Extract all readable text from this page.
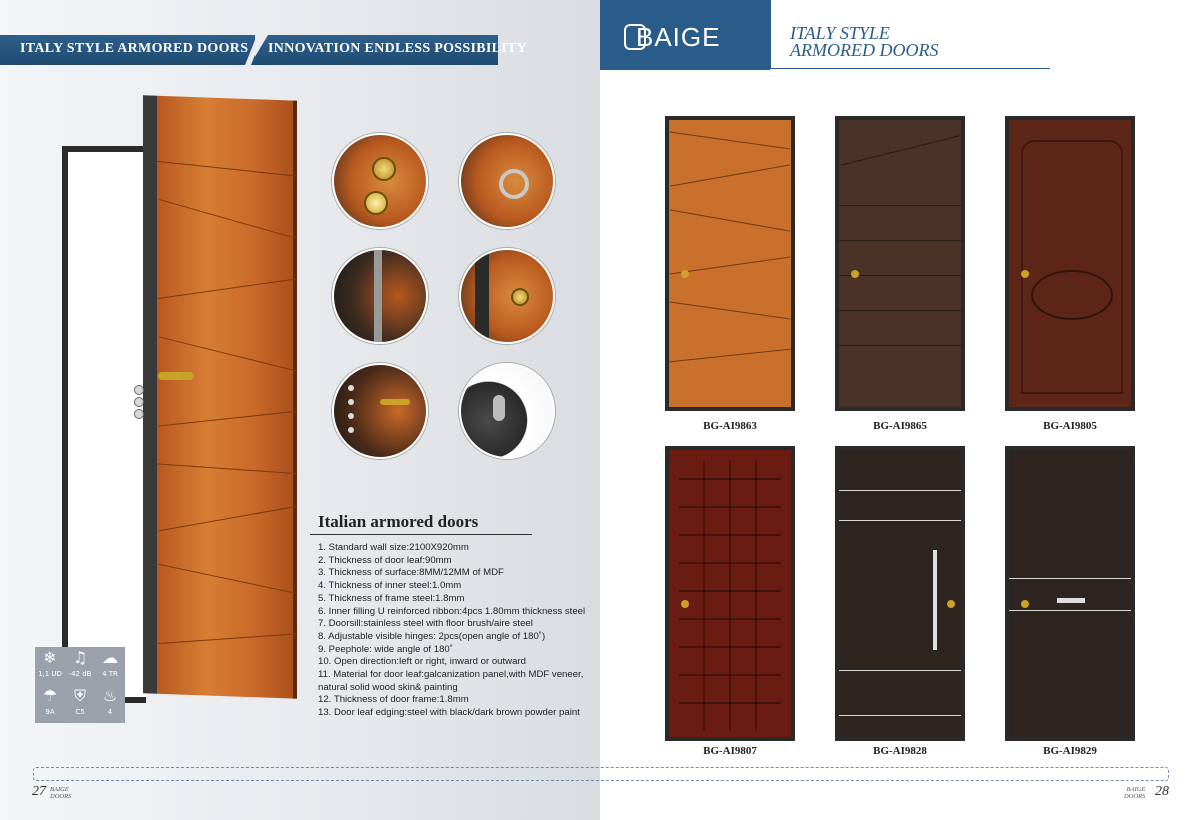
ITALY STYLE ARMORED DOORS INNOVATION ENDLESS POSSIBILITY
❄
1,1 UD
♫
-42 dB
☁
4 TR
☂
9A
⛨
C5
♨
4
Italian armored doors
1. Standard wall size:2100X920mm
2. Thickness of door leaf:90mm
3. Thickness of surface:8MM/12MM of MDF
4. Thickness of inner steel:1.0mm
5. Thickness of frame steel:1.8mm
6. Inner filling U reinforced ribbon:4pcs 1.80mm thickness steel
7. Doorsill:stainless steel with floor brush/aire steel
8. Adjustable visible hinges: 2pcs(open angle of 180˚)
9. Peephole: wide angle of 180˚
10. Open direction:left or right, inward or outward
11. Material for door leaf:galcanization panel,with MDF veneer,
natural solid wood skin& painting
12. Thickness of door frame:1.8mm
13. Door leaf edging:steel with black/dark brown powder paint
27 BAIGE
DOORS
BAIGE	ITALY STYLE
ARMORED DOORS
BG-AI9863	BG-AI9865	BG-AI9805
BG-AI9807	BG-AI9828	BG-AI9829
28
BAIGE
DOORS
